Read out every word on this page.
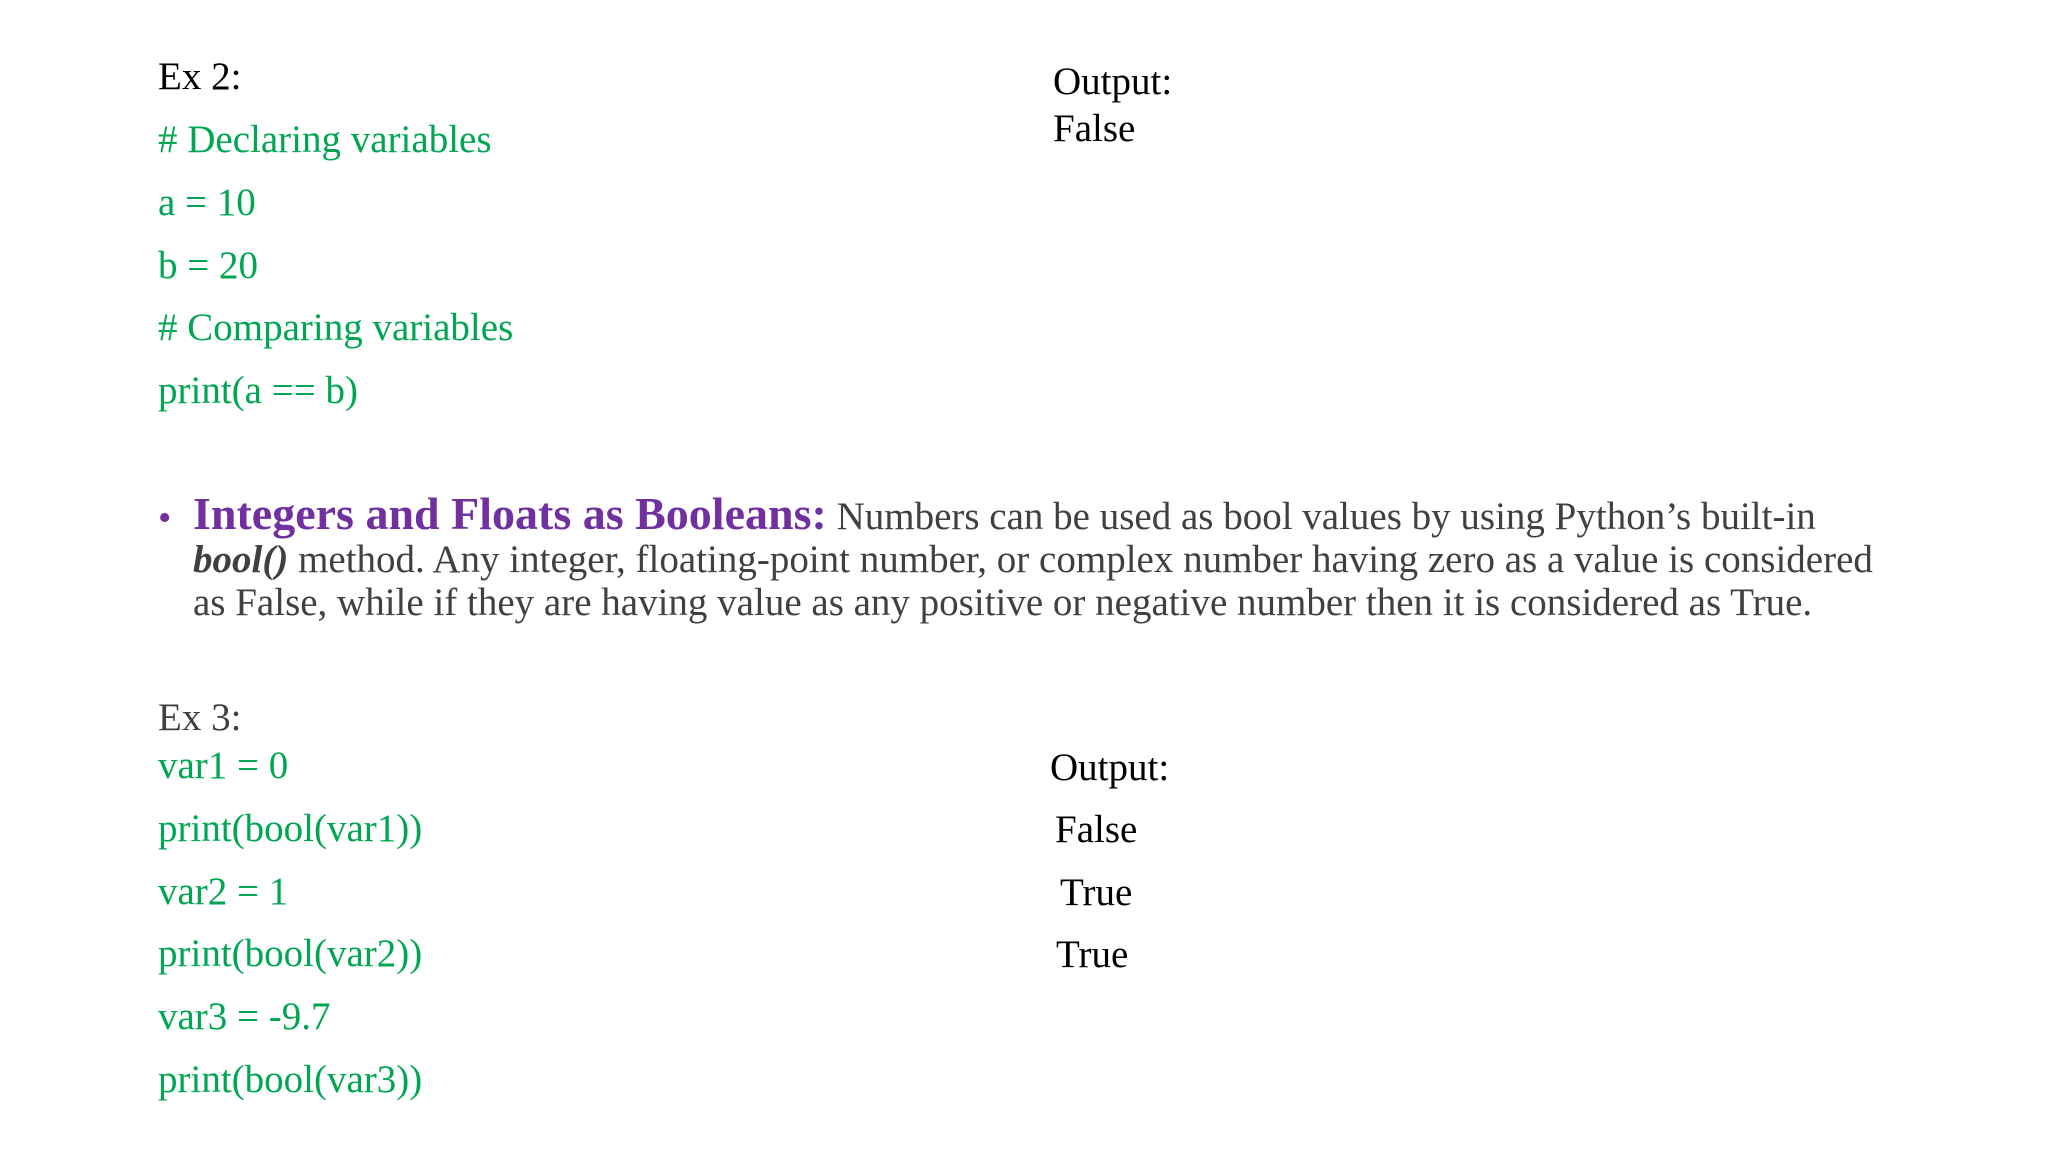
Ex 2:
# Declaring variables
a = 10
b = 20
# Comparing variables
print(a == b)
Output:
False
• Integers and Floats as Booleans: Numbers can be used as bool values by using Python’s built-in bool() method. Any integer, floating-point number, or complex number having zero as a value is considered as False, while if they are having value as any positive or negative number then it is considered as True.
Ex 3:
var1 = 0
print(bool(var1))
var2 = 1
print(bool(var2))
var3 = -9.7
print(bool(var3))
Output:
False
True
True
